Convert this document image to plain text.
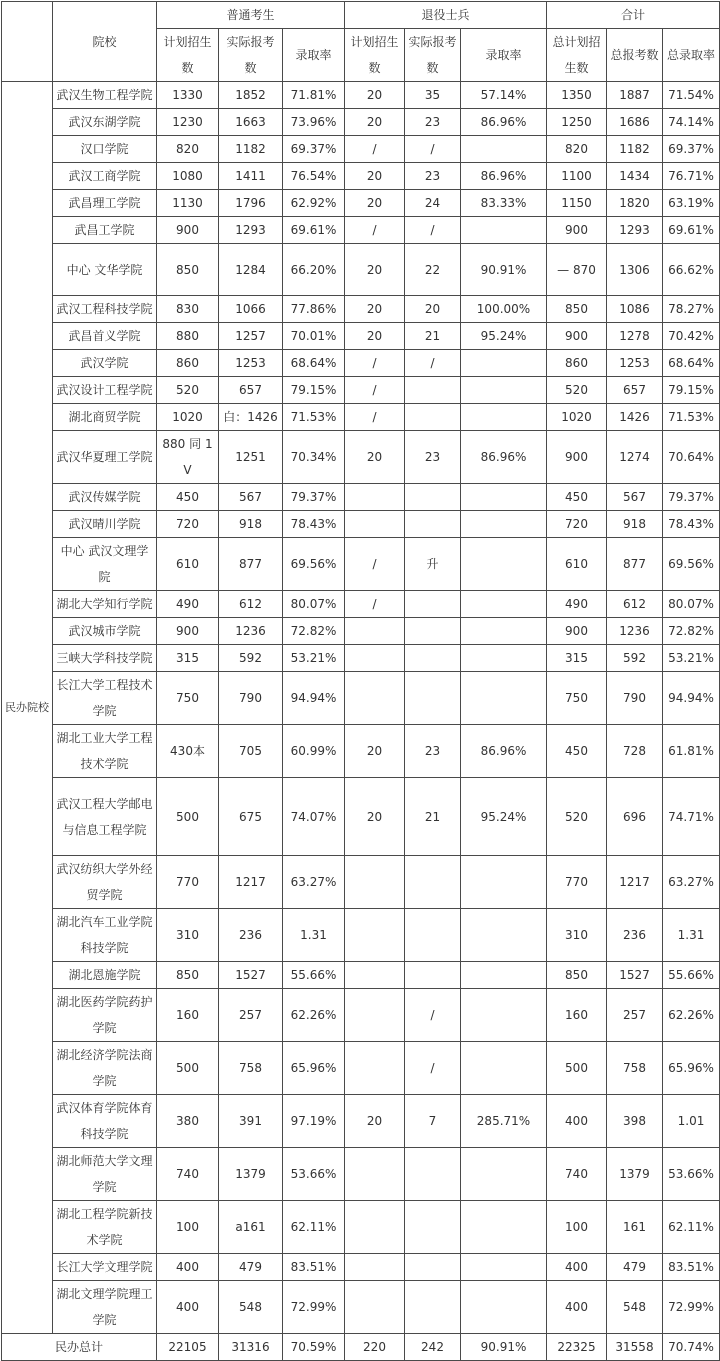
	院校	普通考生			退役士兵			合计		
		计划招生数	实际报考数	录取率	计划招生数	实际报考数	录取率	总计划招生数	总报考数	总录取率

民办院校	武汉生物工程学院	1330	1852	71.81%	20	35	57.14%	1350	1887	71.54%
	武汉东湖学院	1230	1663	73.96%	20	23	86.96%	1250	1686	74.14%
	汉口学院	820	1182	69.37%	/	/		820	1182	69.37%
	武汉工商学院	1080	1411	76.54%	20	23	86.96%	1100	1434	76.71%
	武昌理工学院	1130	1796	62.92%	20	24	83.33%	1150	1820	63.19%
	武昌工学院	900	1293	69.61%	/	/		900	1293	69.61%
	中心 文华学院	850	1284	66.20%	20	22	90.91%	— 870	1306	66.62%
	武汉工程科技学院	830	1066	77.86%	20	20	100.00%	850	1086	78.27%
	武昌首义学院	880	1257	70.01%	20	21	95.24%	900	1278	70.42%
	武汉学院	860	1253	68.64%	/	/		860	1253	68.64%
	武汉设计工程学院	520	657	79.15%	/			520	657	79.15%
	湖北商贸学院	1020	白：1426	71.53%	/			1020	1426	71.53%
	武汉华夏理工学院	880 同 1V	1251	70.34%	20	23	86.96%	900	1274	70.64%
	武汉传媒学院	450	567	79.37%				450	567	79.37%
	武汉晴川学院	720	918	78.43%				720	918	78.43%
	中心 武汉文理学院	610	877	69.56%	/	升		610	877	69.56%
	湖北大学知行学院	490	612	80.07%	/			490	612	80.07%
	武汉城市学院	900	1236	72.82%				900	1236	72.82%
	三峡大学科技学院	315	592	53.21%				315	592	53.21%
	长江大学工程技术学院	750	790	94.94%				750	790	94.94%
	湖北工业大学工程技术学院	430本	705	60.99%	20	23	86.96%	450	728	61.81%
	武汉工程大学邮电与信息工程学院	500	675	74.07%	20	21	95.24%	520	696	74.71%
	武汉纺织大学外经贸学院	770	1217	63.27%				770	1217	63.27%
	湖北汽车工业学院科技学院	310	236	1.31				310	236	1.31
	湖北恩施学院	850	1527	55.66%				850	1527	55.66%
	湖北医药学院药护学院	160	257	62.26%		/		160	257	62.26%
	湖北经济学院法商学院	500	758	65.96%		/		500	758	65.96%
	武汉体育学院体育科技学院	380	391	97.19%	20	7	285.71%	400	398	1.01
	湖北师范大学文理学院	740	1379	53.66%				740	1379	53.66%
	湖北工程学院新技术学院	100	a161	62.11%				100	161	62.11%
	长江大学文理学院	400	479	83.51%				400	479	83.51%
	湖北文理学院理工学院	400	548	72.99%				400	548	72.99%
民办总计		22105	31316	70.59%	220	242	90.91%	22325	31558	70.74%
